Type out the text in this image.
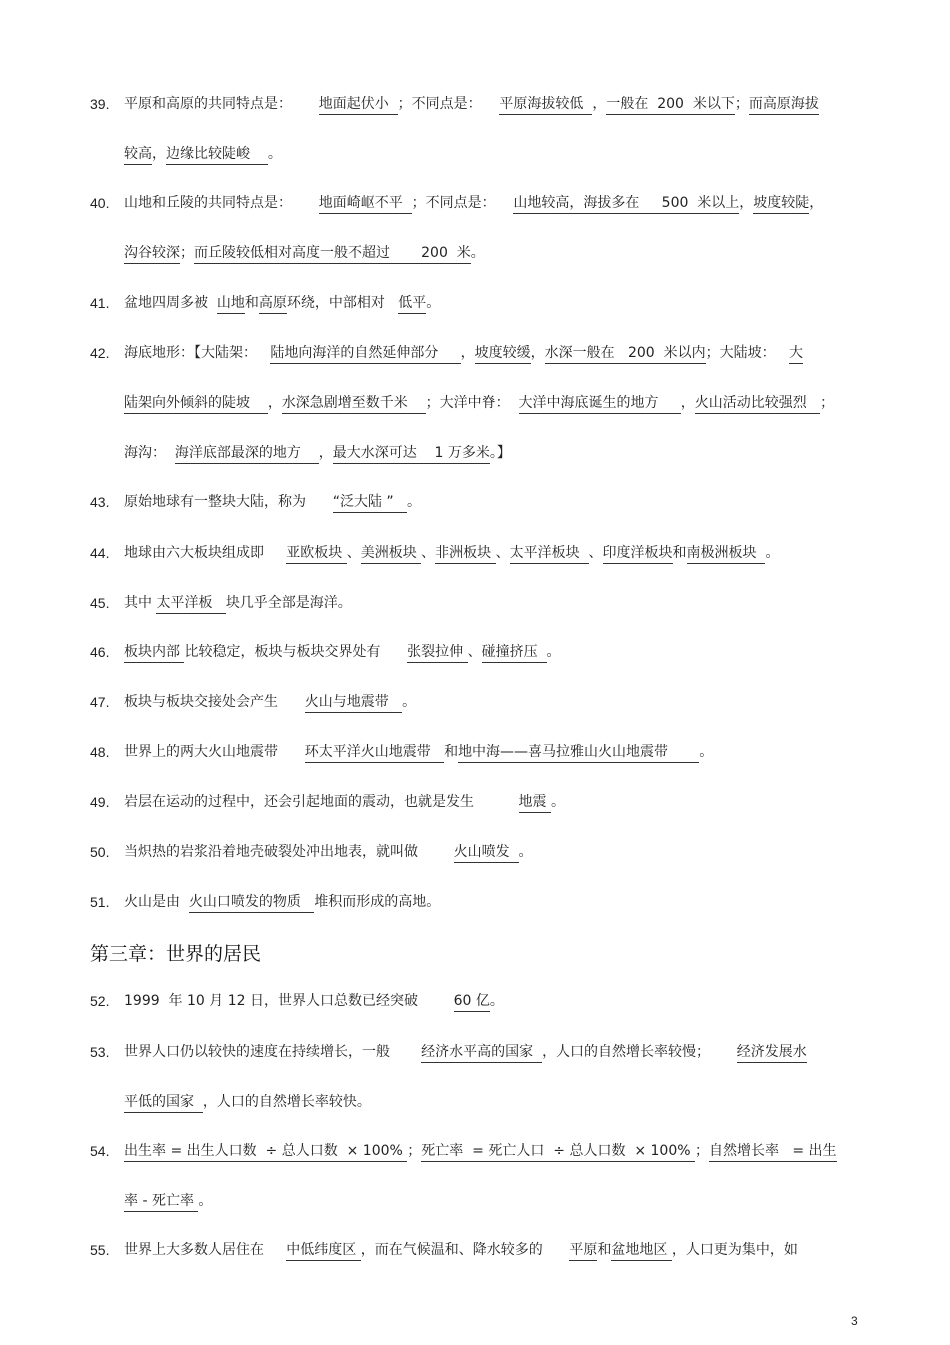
39. 平原和高原的共同特点是：      地面起伏小  ；不同点是：    平原海拔较低  ，一般在  200  米以下；而高原海拔
较高，边缘比较陡峻    。
40. 山地和丘陵的共同特点是：      地面崎岖不平  ；不同点是：    山地较高，海拔多在     500  米以上，坡度较陡，
沟谷较深；而丘陵较低相对高度一般不超过       200  米。
41. 盆地四周多被  山地和高原环绕，中部相对   低平。
42. 海底地形：【大陆架：   陆地向海洋的自然延伸部分     ，坡度较缓，水深一般在   200  米以内；大陆坡：   大
陆架向外倾斜的陡坡    ，水深急剧增至数千米    ；大洋中脊：  大洋中海底诞生的地方     ，火山活动比较强烈   ；
海沟：  海洋底部最深的地方    ，最大水深可达    1 万多米。】
43. 原始地球有一整块大陆，称为      “泛大陆 ”   。
44. 地球由六大板块组成即     亚欧板块 、美洲板块 、非洲板块 、太平洋板块  、印度洋板块和南极洲板块  。
45. 其中 太平洋板   块几乎全部是海洋。
46. 板块内部 比较稳定，板块与板块交界处有      张裂拉伸 、碰撞挤压  。
47. 板块与板块交接处会产生      火山与地震带   。
48. 世界上的两大火山地震带      环太平洋火山地震带   和地中海——喜马拉雅山火山地震带       。
49. 岩层在运动的过程中，还会引起地面的震动，也就是发生          地震 。
50. 当炽热的岩浆沿着地壳破裂处冲出地表，就叫做        火山喷发  。
51. 火山是由  火山口喷发的物质   堆积而形成的高地。
52. 1999  年 10 月 12 日，世界人口总数已经突破        60 亿。
53. 世界人口仍以较快的速度在持续增长，一般       经济水平高的国家  ，人口的自然增长率较慢；      经济发展水
平低的国家  ，人口的自然增长率较快。
54. 出生率 = 出生人口数  ÷ 总人口数  × 100% ；死亡率  = 死亡人口  ÷ 总人口数  × 100% ；自然增长率   = 出生
率 - 死亡率 。
55. 世界上大多数人居住在     中低纬度区 ，而在气候温和、降水较多的      平原和盆地地区 ，人口更为集中，如
第三章：世界的居民
3
